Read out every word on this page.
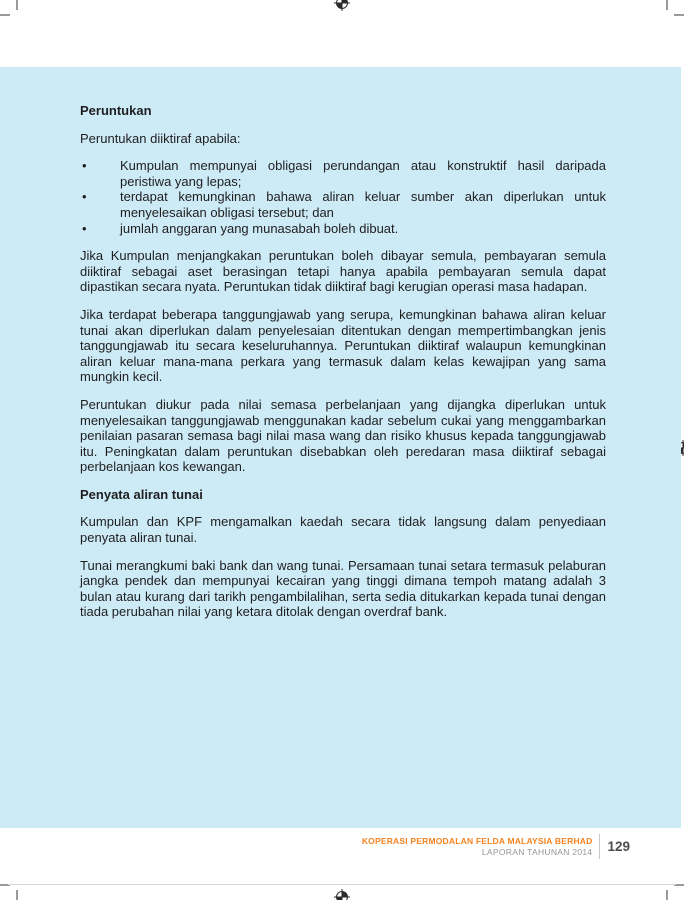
Peruntukan

Peruntukan diiktiraf apabila:

•	Kumpulan mempunyai obligasi perundangan atau konstruktif hasil daripada peristiwa yang lepas;
•	terdapat kemungkinan bahawa aliran keluar sumber akan diperlukan untuk menyelesaikan obligasi tersebut; dan
•	jumlah anggaran yang munasabah boleh dibuat.

Jika Kumpulan menjangkakan peruntukan boleh dibayar semula, pembayaran semula diiktiraf sebagai aset berasingan tetapi hanya apabila pembayaran semula dapat dipastikan secara nyata. Peruntukan tidak diiktiraf bagi kerugian operasi masa hadapan.

Jika terdapat beberapa tanggungjawab yang serupa, kemungkinan bahawa aliran keluar tunai akan diperlukan dalam penyelesaian ditentukan dengan mempertimbangkan jenis tanggungjawab itu secara keseluruhannya. Peruntukan diiktiraf walaupun kemungkinan aliran keluar mana-mana perkara yang termasuk dalam kelas kewajipan yang sama mungkin kecil.

Peruntukan diukur pada nilai semasa perbelanjaan yang dijangka diperlukan untuk menyelesaikan tanggungjawab menggunakan kadar sebelum cukai yang menggambarkan penilaian pasaran semasa bagi nilai masa wang dan risiko khusus kepada tanggungjawab itu. Peningkatan dalam peruntukan disebabkan oleh peredaran masa diiktiraf sebagai perbelanjaan kos kewangan.

Penyata aliran tunai

Kumpulan dan KPF mengamalkan kaedah secara tidak langsung dalam penyediaan penyata aliran tunai.

Tunai merangkumi baki bank dan wang tunai. Persamaan tunai setara termasuk pelaburan jangka pendek dan mempunyai kecairan yang tinggi dimana tempoh matang adalah 3 bulan atau kurang dari tarikh pengambilalihan, serta sedia ditukarkan kepada tunai dengan tiada perubahan nilai yang ketara ditolak dengan overdraf bank.

KOPERASI PERMODALAN FELDA MALAYSIA BERHAD
LAPORAN TAHUNAN 2014 129
